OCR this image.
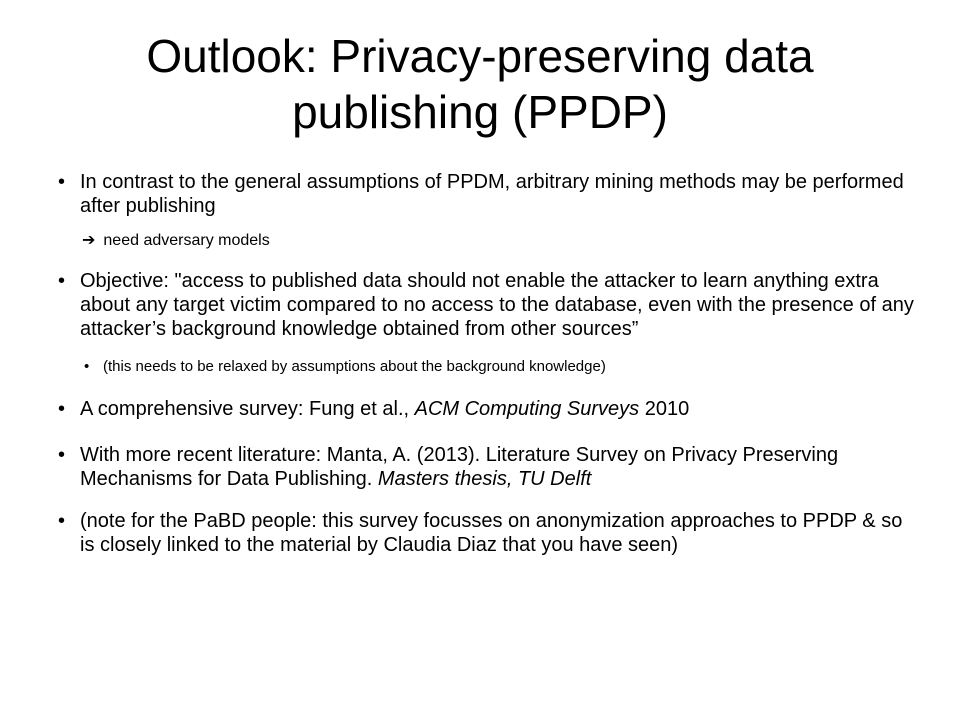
Outlook: Privacy-preserving data
publishing (PPDP)
• In contrast to the general assumptions of PPDM, arbitrary mining methods may be performed after publishing
➔ need adversary models
• Objective: "access to published data should not enable the attacker to learn anything extra about any target victim compared to no access to the database, even with the presence of any attacker’s background knowledge obtained from other sources”
• (this needs to be relaxed by assumptions about the background knowledge)
• A comprehensive survey: Fung et al., ACM Computing Surveys 2010
• With more recent literature: Manta, A. (2013). Literature Survey on Privacy Preserving Mechanisms for Data Publishing. Masters thesis, TU Delft
• (note for the PaBD people: this survey focusses on anonymization approaches to PPDP & so is closely linked to the material by Claudia Diaz that you have seen)
